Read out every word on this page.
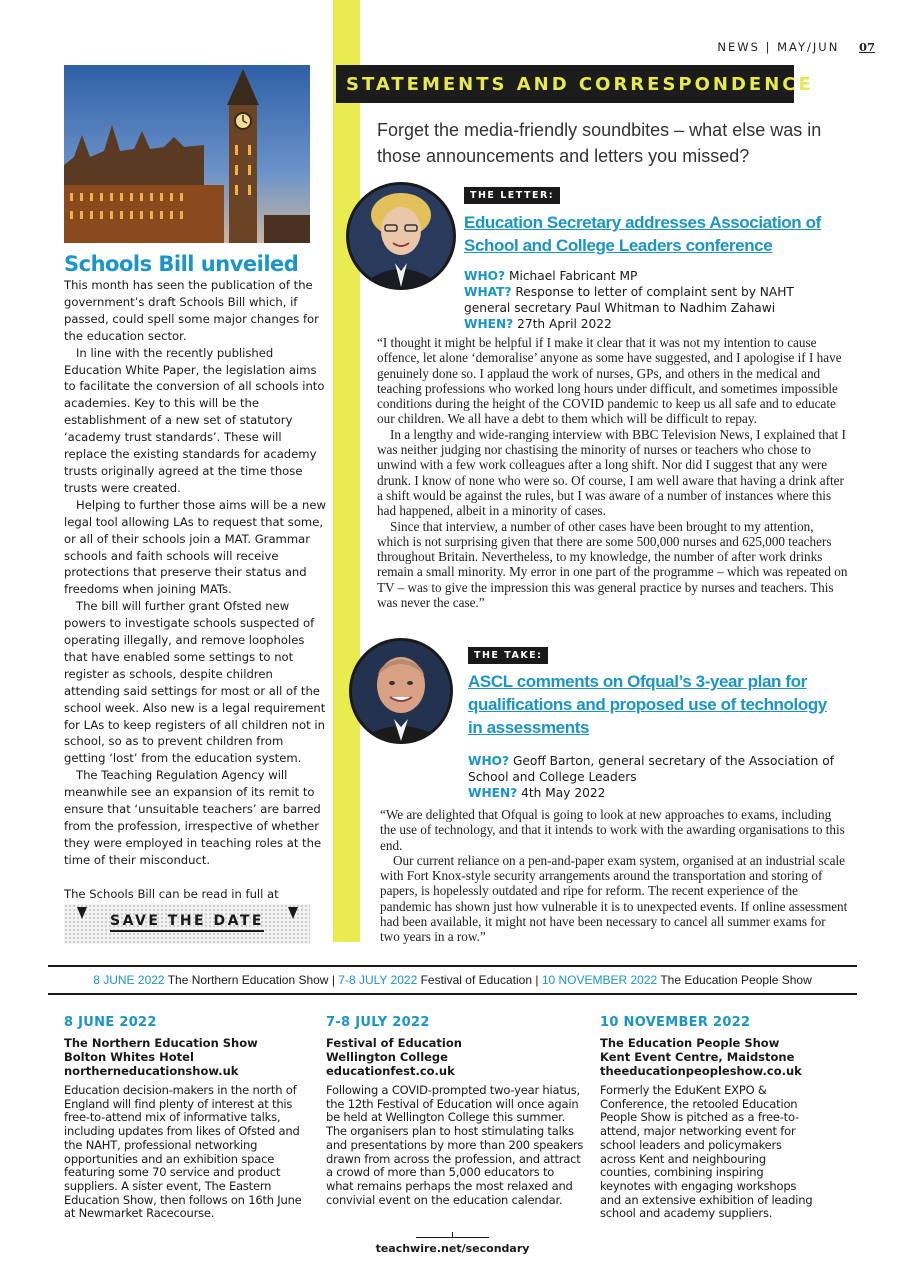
NEWS | MAY/JUN 07
Schools Bill unveiled

This month has seen the publication of the government’s draft Schools Bill which, if passed, could spell some major changes for the education sector.

In line with the recently published Education White Paper, the legislation aims to facilitate the conversion of all schools into academies. Key to this will be the establishment of a new set of statutory ‘academy trust standards’. These will replace the existing standards for academy trusts originally agreed at the time those trusts were created.

Helping to further those aims will be a new legal tool allowing LAs to request that some, or all of their schools join a MAT. Grammar schools and faith schools will receive protections that preserve their status and freedoms when joining MATs.

The bill will further grant Ofsted new powers to investigate schools suspected of operating illegally, and remove loopholes that have enabled some settings to not register as schools, despite children attending said settings for most or all of the school week. Also new is a legal requirement for LAs to keep registers of all children not in school, so as to prevent children from getting ‘lost’ from the education system.

The Teaching Regulation Agency will meanwhile see an expansion of its remit to ensure that ‘unsuitable teachers’ are barred from the profession, irrespective of whether they were employed in teaching roles at the time of their misconduct.

The Schools Bill can be read in full at

SAVE THE DATE
STATEMENTS AND CORRESPONDENCE
Forget the media-friendly soundbites – what else was in those announcements and letters you missed?
THE LETTER:
Education Secretary addresses Association of School and College Leaders conference
WHO? Michael Fabricant MP
WHAT? Response to letter of complaint sent by NAHT general secretary Paul Whitman to Nadhim Zahawi
WHEN? 27th April 2022

“I thought it might be helpful if I make it clear that it was not my intention to cause offence, let alone ‘demoralise’ anyone as some have suggested, and I apologise if I have genuinely done so. I applaud the work of nurses, GPs, and others in the medical and teaching professions who worked long hours under difficult, and sometimes impossible conditions during the height of the COVID pandemic to keep us all safe and to educate our children. We all have a debt to them which will be difficult to repay.

In a lengthy and wide-ranging interview with BBC Television News, I explained that I was neither judging nor chastising the minority of nurses or teachers who chose to unwind with a few work colleagues after a long shift. Nor did I suggest that any were drunk. I know of none who were so. Of course, I am well aware that having a drink after a shift would be against the rules, but I was aware of a number of instances where this had happened, albeit in a minority of cases.

Since that interview, a number of other cases have been brought to my attention, which is not surprising given that there are some 500,000 nurses and 625,000 teachers throughout Britain. Nevertheless, to my knowledge, the number of after work drinks remain a small minority. My error in one part of the programme – which was repeated on TV – was to give the impression this was general practice by nurses and teachers. This was never the case.”

THE TAKE:
ASCL comments on Ofqual’s 3-year plan for qualifications and proposed use of technology in assessments
WHO? Geoff Barton, general secretary of the Association of School and College Leaders
WHEN? 4th May 2022

“We are delighted that Ofqual is going to look at new approaches to exams, including the use of technology, and that it intends to work with the awarding organisations to this end.

Our current reliance on a pen-and-paper exam system, organised at an industrial scale with Fort Knox-style security arrangements around the transportation and storing of papers, is hopelessly outdated and ripe for reform. The recent experience of the pandemic has shown just how vulnerable it is to unexpected events. If online assessment had been available, it might not have been necessary to cancel all summer exams for two years in a row.”

8 JUNE 2022 The Northern Education Show | 7-8 JULY 2022 Festival of Education | 10 NOVEMBER 2022 The Education People Show
8 JUNE 2022
The Northern Education Show
Bolton Whites Hotel
northerneducationshow.uk
Education decision-makers in the north of England will find plenty of interest at this free-to-attend mix of informative talks, including updates from likes of Ofsted and the NAHT, professional networking opportunities and an exhibition space featuring some 70 service and product suppliers. A sister event, The Eastern Education Show, then follows on 16th June at Newmarket Racecourse.
7-8 JULY 2022
Festival of Education
Wellington College
educationfest.co.uk
Following a COVID-prompted two-year hiatus, the 12th Festival of Education will once again be held at Wellington College this summer. The organisers plan to host stimulating talks and presentations by more than 200 speakers drawn from across the profession, and attract a crowd of more than 5,000 educators to what remains perhaps the most relaxed and convivial event on the education calendar.
10 NOVEMBER 2022
The Education People Show
Kent Event Centre, Maidstone
theeducationpeopleshow.co.uk
Formerly the EduKent EXPO & Conference, the retooled Education People Show is pitched as a free-to-attend, major networking event for school leaders and policymakers across Kent and neighbouring counties, combining inspiring keynotes with engaging workshops and an extensive exhibition of leading school and academy suppliers.
teachwire.net/secondary
